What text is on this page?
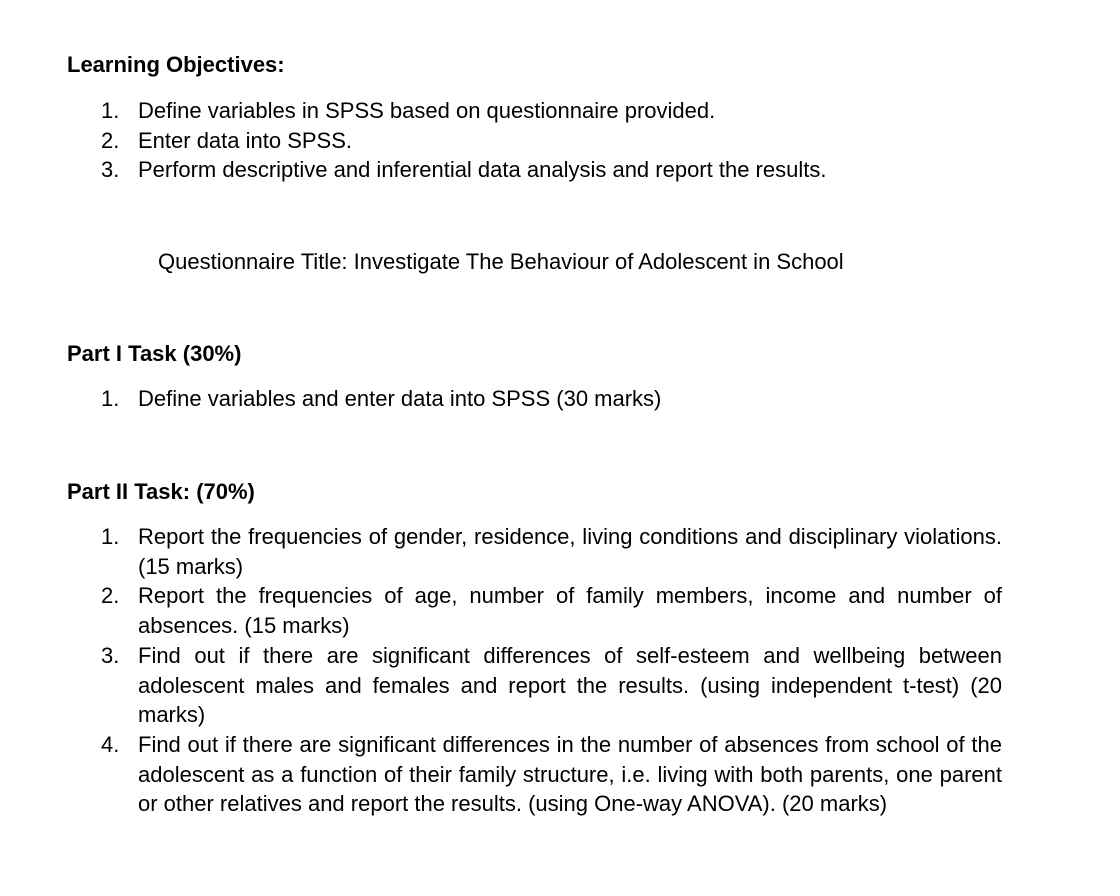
Learning Objectives:
1. Define variables in SPSS based on questionnaire provided.
2. Enter data into SPSS.
3. Perform descriptive and inferential data analysis and report the results.

Questionnaire Title: Investigate The Behaviour of Adolescent in School

Part I Task (30%)
1. Define variables and enter data into SPSS (30 marks)
Part II Task: (70%)
1. Report the frequencies of gender, residence, living conditions and disciplinary violations. (15 marks)
2. Report the frequencies of age, number of family members, income and number of absences. (15 marks)
3. Find out if there are significant differences of self-esteem and wellbeing between adolescent males and females and report the results. (using independent t-test) (20 marks)
4. Find out if there are significant differences in the number of absences from school of the adolescent as a function of their family structure, i.e. living with both parents, one parent or other relatives and report the results. (using One-way ANOVA). (20 marks)
